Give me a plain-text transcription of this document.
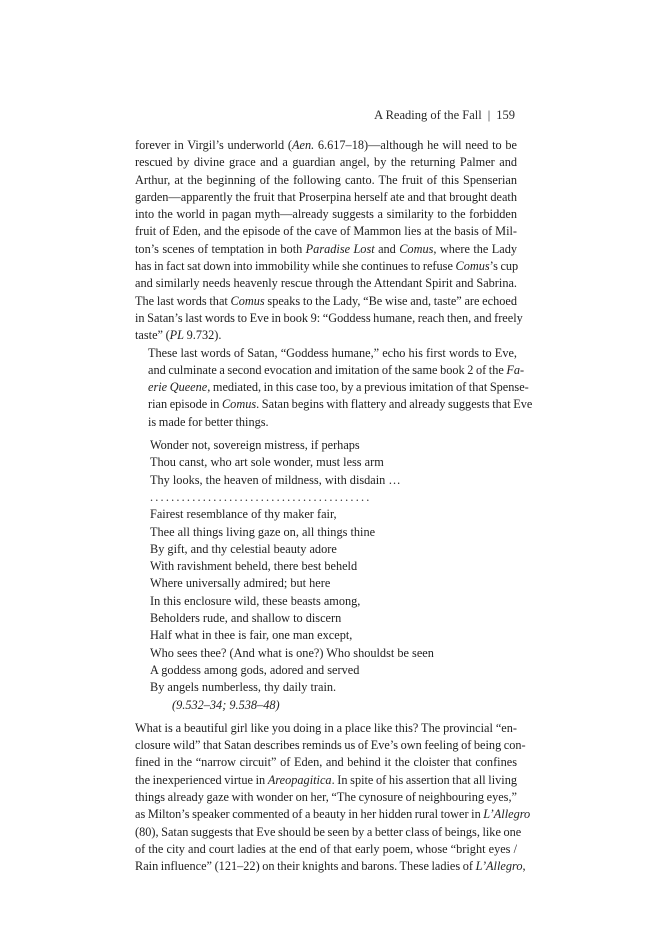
A Reading of the Fall | 159
forever in Virgil’s underworld (Aen. 6.617–18)—although he will need to be
rescued by divine grace and a guardian angel, by the returning Palmer and
Arthur, at the beginning of the following canto. The fruit of this Spenserian
garden—apparently the fruit that Proserpina herself ate and that brought death
into the world in pagan myth—already suggests a similarity to the forbidden
fruit of Eden, and the episode of the cave of Mammon lies at the basis of Mil-
ton’s scenes of temptation in both Paradise Lost and Comus, where the Lady
has in fact sat down into immobility while she continues to refuse Comus’s cup
and similarly needs heavenly rescue through the Attendant Spirit and Sabrina.
The last words that Comus speaks to the Lady, “Be wise and, taste” are echoed
in Satan’s last words to Eve in book 9: “Goddess humane, reach then, and freely
taste” (PL 9.732).
These last words of Satan, “Goddess humane,” echo his first words to Eve,
and culminate a second evocation and imitation of the same book 2 of the Fa-
erie Queene, mediated, in this case too, by a previous imitation of that Spense-
rian episode in Comus. Satan begins with flattery and already suggests that Eve
is made for better things.
Wonder not, sovereign mistress, if perhaps
Thou canst, who art sole wonder, must less arm
Thy looks, the heaven of mildness, with disdain …
..........................................
Fairest resemblance of thy maker fair,
Thee all things living gaze on, all things thine
By gift, and thy celestial beauty adore
With ravishment beheld, there best beheld
Where universally admired; but here
In this enclosure wild, these beasts among,
Beholders rude, and shallow to discern
Half what in thee is fair, one man except,
Who sees thee? (And what is one?) Who shouldst be seen
A goddess among gods, adored and served
By angels numberless, thy daily train.
(9.532–34; 9.538–48)
What is a beautiful girl like you doing in a place like this? The provincial “en-
closure wild” that Satan describes reminds us of Eve’s own feeling of being con-
fined in the “narrow circuit” of Eden, and behind it the cloister that confines
the inexperienced virtue in Areopagitica. In spite of his assertion that all living
things already gaze with wonder on her, “The cynosure of neighbouring eyes,”
as Milton’s speaker commented of a beauty in her hidden rural tower in L’Allegro
(80), Satan suggests that Eve should be seen by a better class of beings, like one
of the city and court ladies at the end of that early poem, whose “bright eyes /
Rain influence” (121–22) on their knights and barons. These ladies of L’Allegro,
